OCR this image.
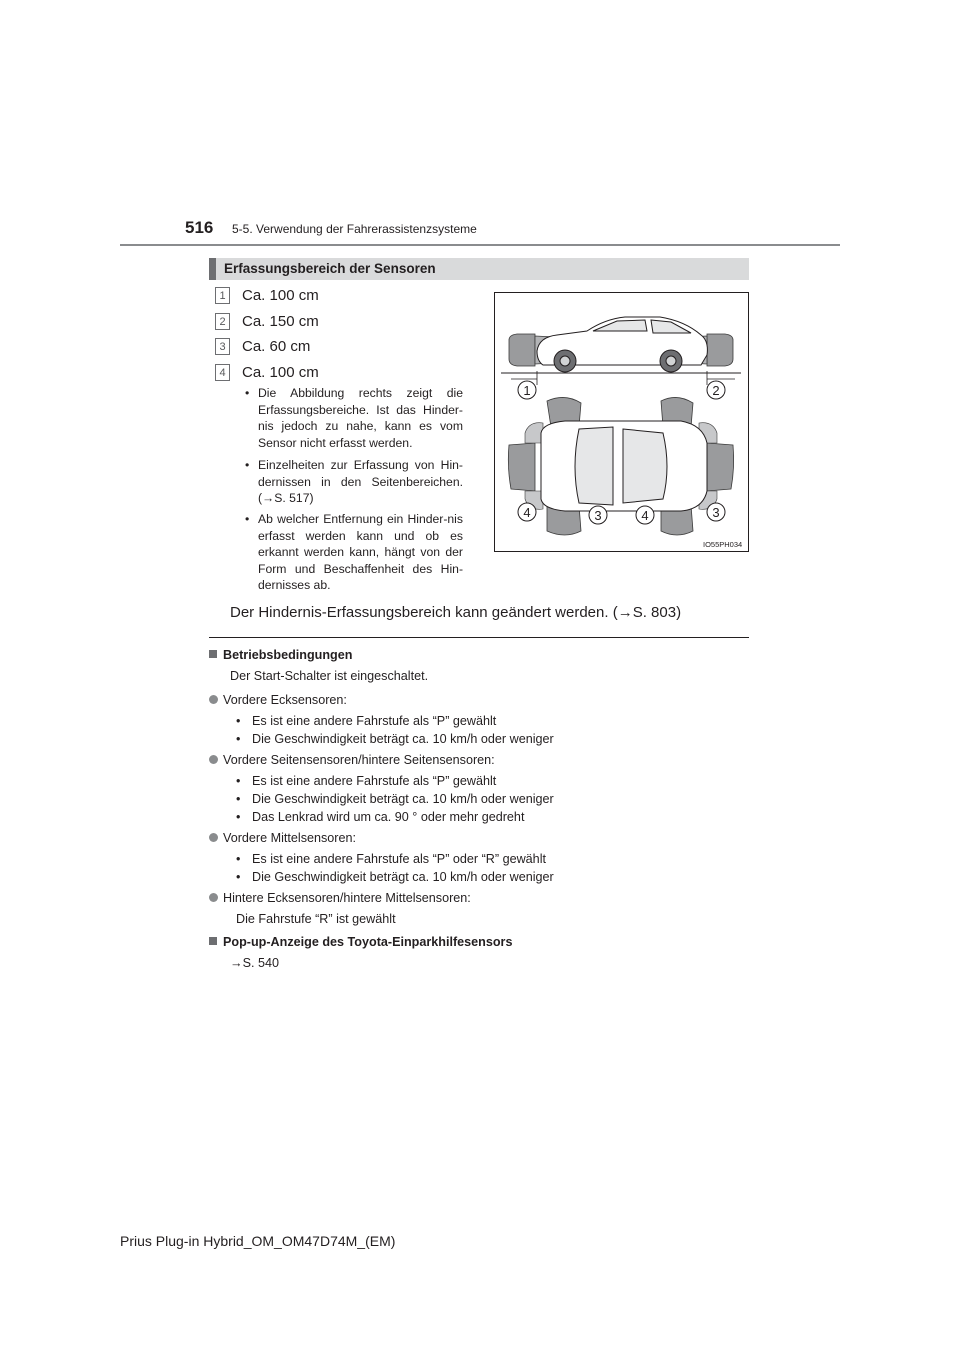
516 5-5. Verwendung der Fahrerassistenzsysteme
Erfassungsbereich der Sensoren
1 Ca. 100 cm
2 Ca. 150 cm
3 Ca. 60 cm
4 Ca. 100 cm
• Die Abbildung rechts zeigt die Erfassungsbereiche. Ist das Hinder-nis jedoch zu nahe, kann es vom Sensor nicht erfasst werden.
• Einzelheiten zur Erfassung von Hin-dernissen in den Seitenbereichen. (→S. 517)
• Ab welcher Entfernung ein Hinder-nis erfasst werden kann und ob es erkannt werden kann, hängt von der Form und Beschaffenheit des Hin-dernisses ab.
1	2
4	3	4	3
IO55PH034
Der Hindernis-Erfassungsbereich kann geändert werden. (→S. 803)
Betriebsbedingungen
Der Start-Schalter ist eingeschaltet.
Vordere Ecksensoren:
• Es ist eine andere Fahrstufe als “P” gewählt
• Die Geschwindigkeit beträgt ca. 10 km/h oder weniger
Vordere Seitensensoren/hintere Seitensensoren:
• Es ist eine andere Fahrstufe als “P” gewählt
• Die Geschwindigkeit beträgt ca. 10 km/h oder weniger
• Das Lenkrad wird um ca. 90 ° oder mehr gedreht
Vordere Mittelsensoren:
• Es ist eine andere Fahrstufe als “P” oder “R” gewählt
• Die Geschwindigkeit beträgt ca. 10 km/h oder weniger
Hintere Ecksensoren/hintere Mittelsensoren:
Die Fahrstufe “R” ist gewählt
Pop-up-Anzeige des Toyota-Einparkhilfesensors
→S. 540
Prius Plug-in Hybrid_OM_OM47D74M_(EM)
